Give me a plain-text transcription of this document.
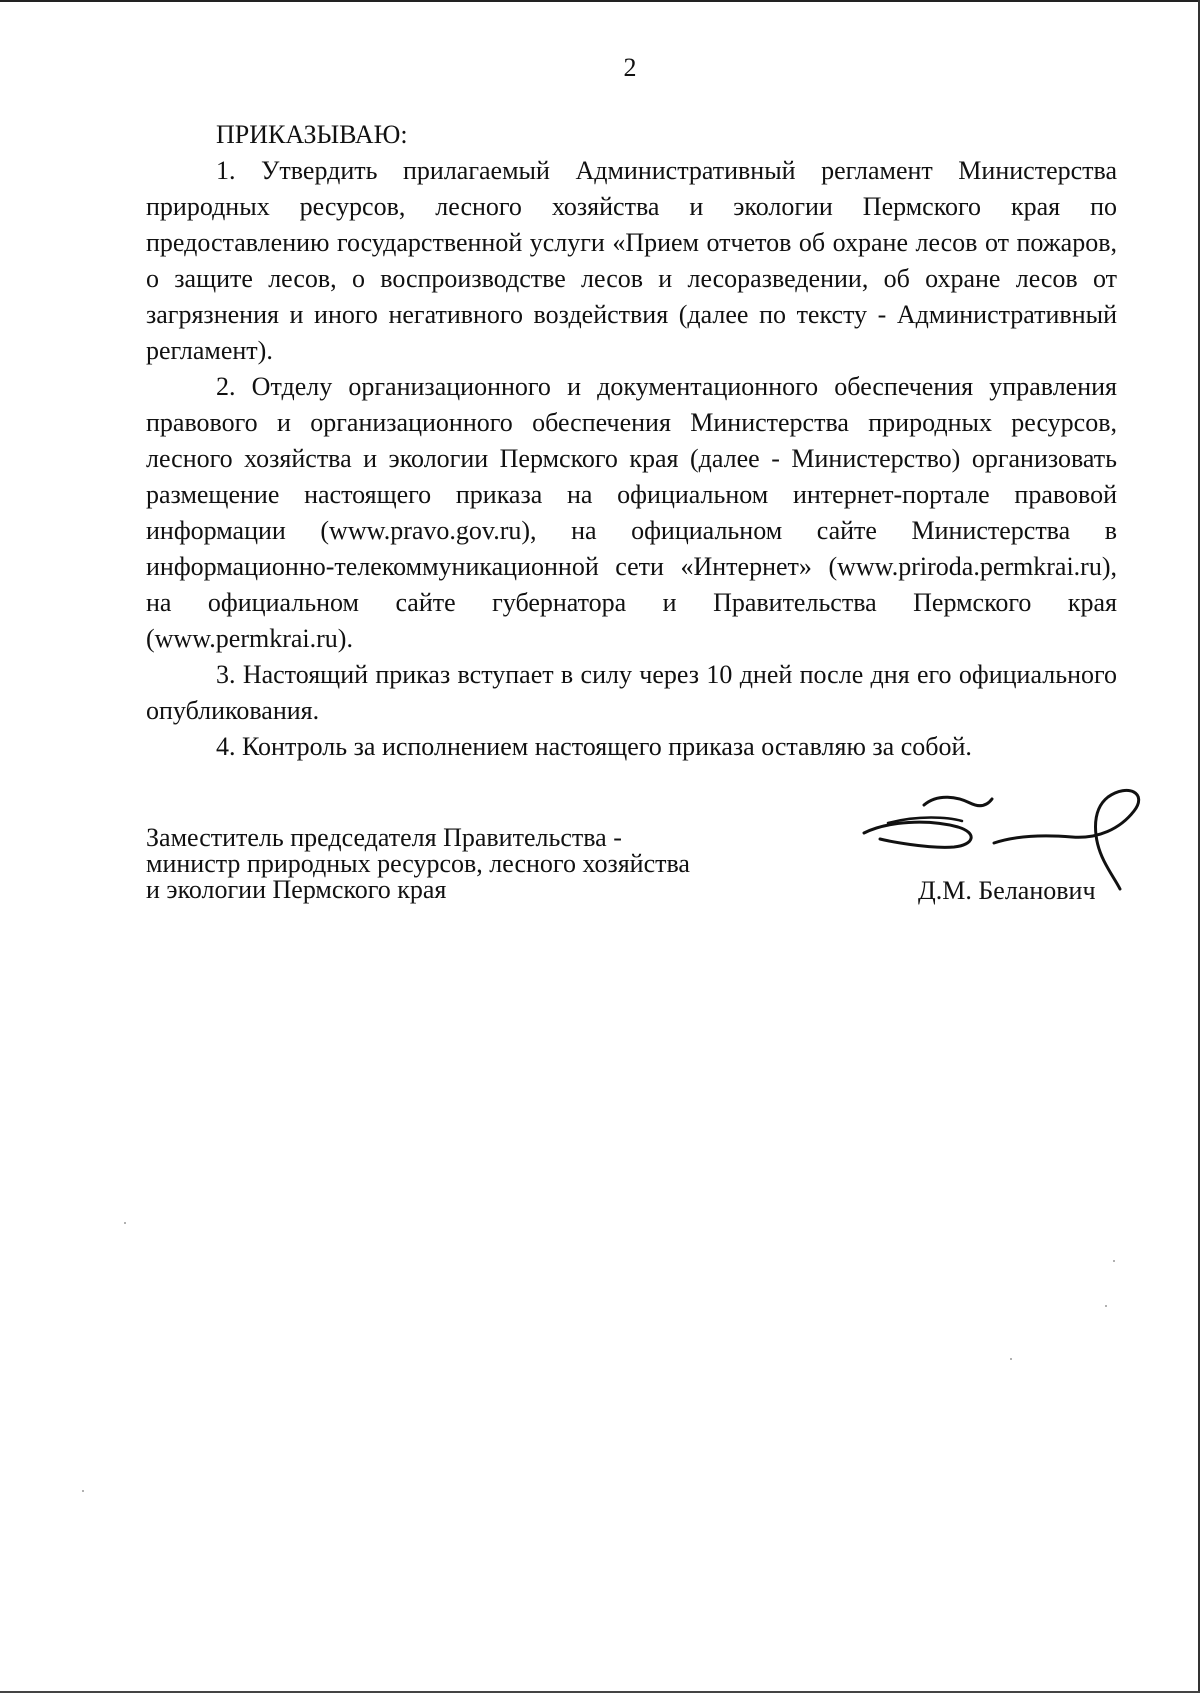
2

ПРИКАЗЫВАЮ:

1. Утвердить прилагаемый Административный регламент Министерства природных ресурсов, лесного хозяйства и экологии Пермского края по предоставлению государственной услуги «Прием отчетов об охране лесов от пожаров, о защите лесов, о воспроизводстве лесов и лесоразведении, об охране лесов от загрязнения и иного негативного воздействия (далее по тексту - Административный регламент).

2. Отделу организационного и документационного обеспечения управления правового и организационного обеспечения Министерства природных ресурсов, лесного хозяйства и экологии Пермского края (далее - Министерство) организовать размещение настоящего приказа на официальном интернет-портале правовой информации (www.pravo.gov.ru), на официальном сайте Министерства в информационно-телекоммуникационной сети «Интернет» (www.priroda.permkrai.ru), на официальном сайте губернатора и Правительства Пермского края (www.permkrai.ru).

3. Настоящий приказ вступает в силу через 10 дней после дня его официального опубликования.

4. Контроль за исполнением настоящего приказа оставляю за собой.

Заместитель председателя Правительства -
министр природных ресурсов, лесного хозяйства
и экологии Пермского края	Д.М. Беланович
